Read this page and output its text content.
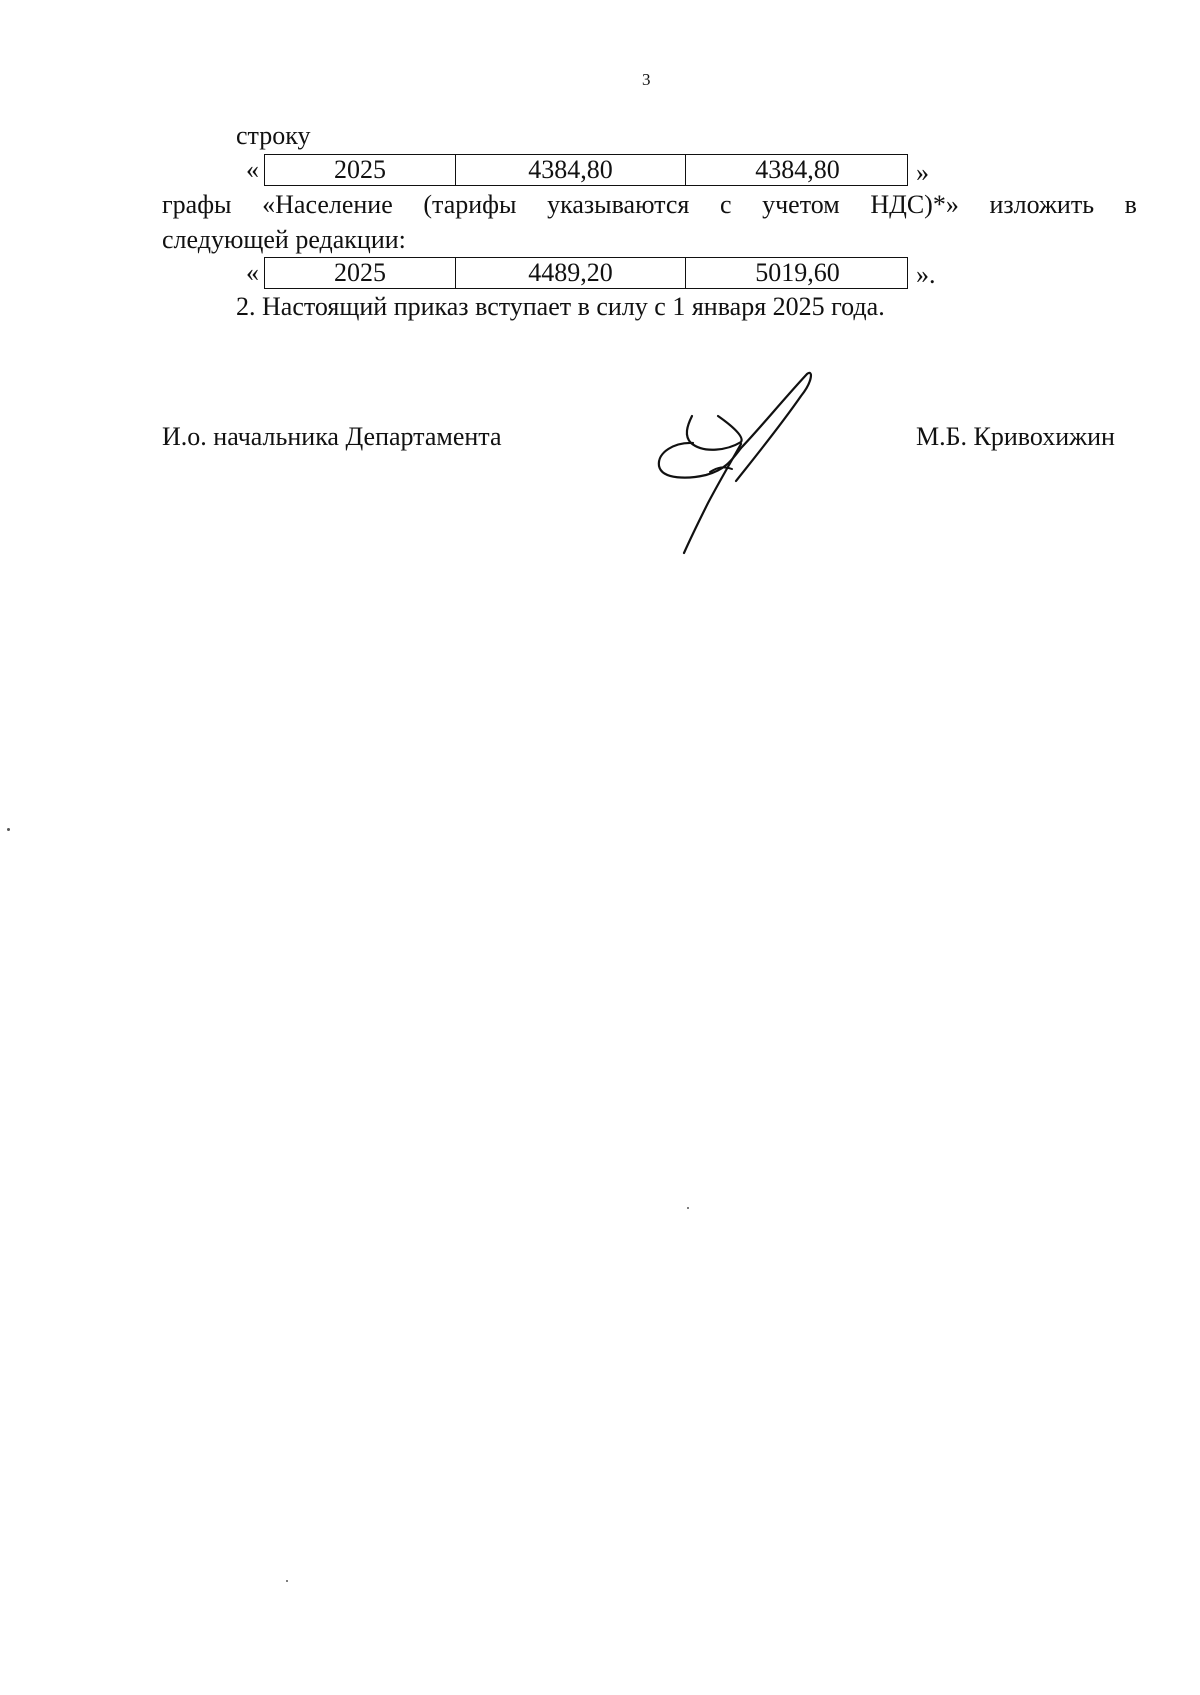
3
строку
«	2025	4384,80	4384,80	»
графы «Население (тарифы указываются с учетом НДС)*» изложить в
следующей редакции:
«	2025	4489,20	5019,60	».
2. Настоящий приказ вступает в силу с 1 января 2025 года.
И.о. начальника Департамента	М.Б. Кривохижин
